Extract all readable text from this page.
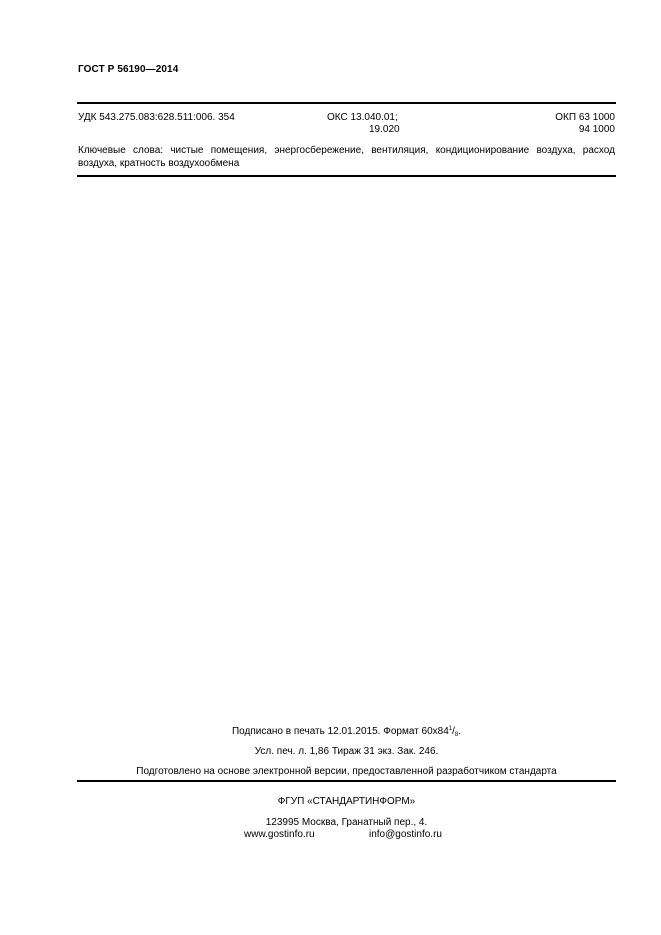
ГОСТ Р 56190—2014
УДК 543.275.083:628.511:006. 354	ОКС 13.040.01;
19.020
ОКП 63 1000
94 1000
Ключевые слова: чистые помещения, энергосбережение, вентиляция, кондиционирование воздуха, расход воздуха, кратность воздухообмена
Подписано в печать 12.01.2015. Формат $60х84^1/_8$.
Усл. печ. л. 1,86 Тираж 31 экз. Зак. 246.
Подготовлено на основе электронной версии, предоставленной разработчиком стандарта
ФГУП «СТАНДАРТИНФОРМ»
123995 Москва, Гранатный пер., 4.
www.gostinfo.ru	info@gostinfo.ru
